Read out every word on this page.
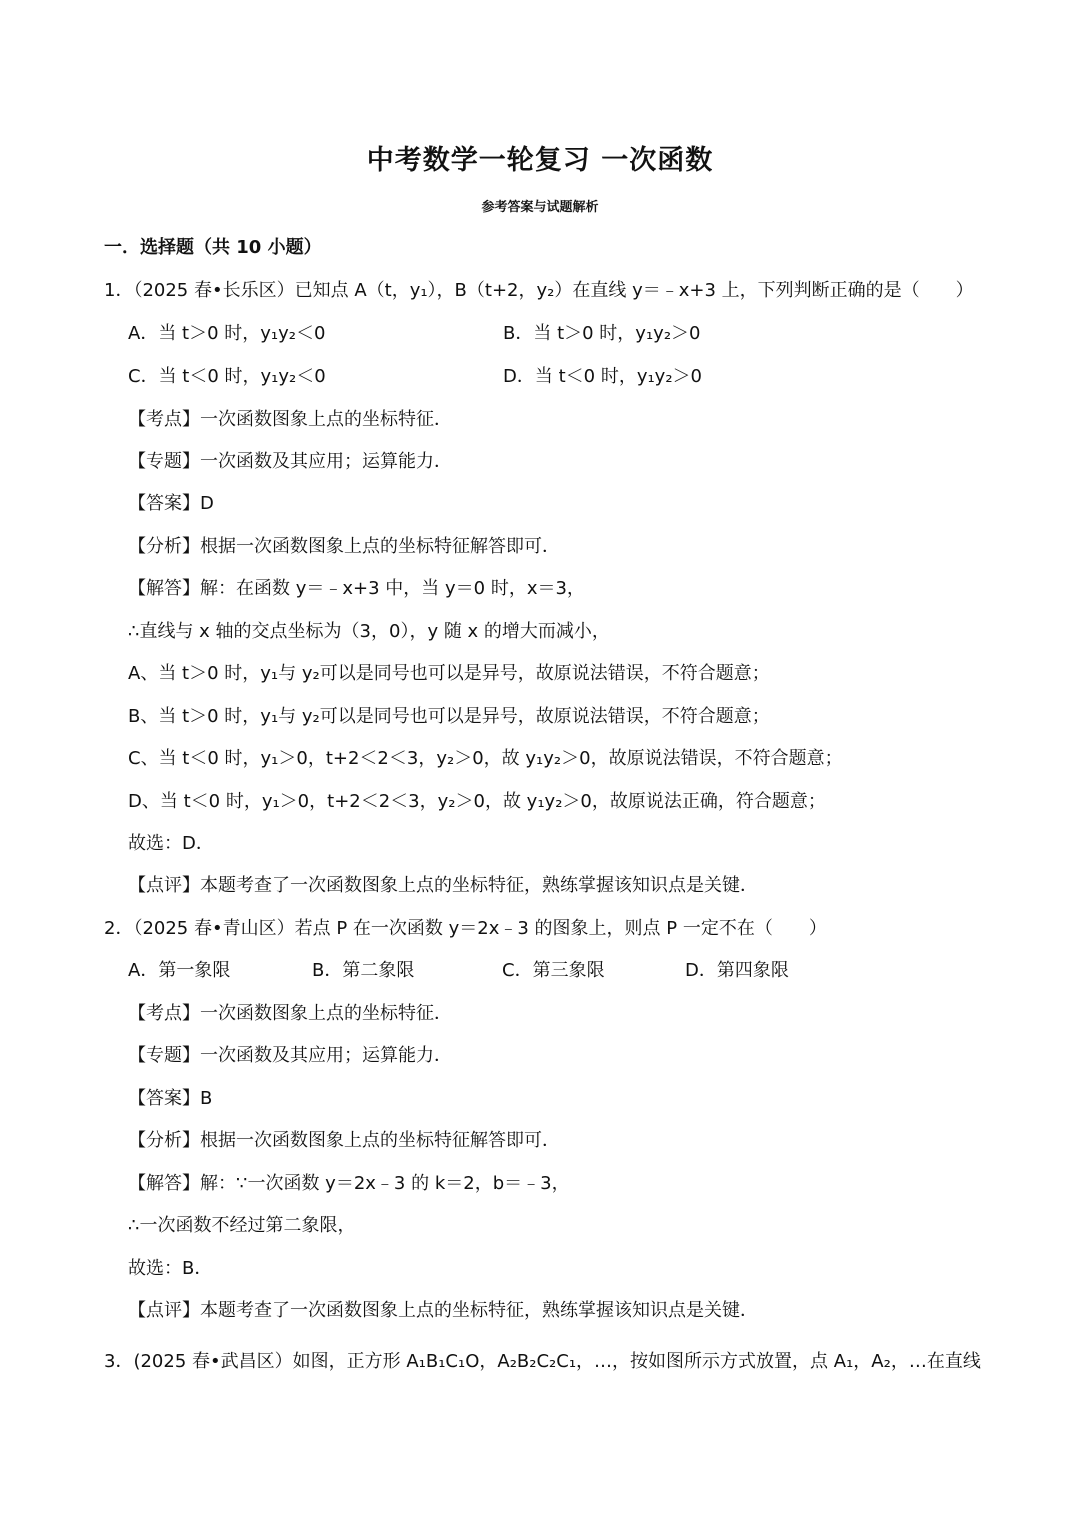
中考数学一轮复习 一次函数
参考答案与试题解析
一．选择题（共 10 小题）
1．（2025 春•长乐区）已知点 A（t，y₁），B（t+2，y₂）在直线 y＝﹣x+3 上，下列判断正确的是（　　）
A．当 t＞0 时，y₁y₂＜0	B．当 t＞0 时，y₁y₂＞0
C．当 t＜0 时，y₁y₂＜0	D．当 t＜0 时，y₁y₂＞0
【考点】一次函数图象上点的坐标特征．
【专题】一次函数及其应用；运算能力．
【答案】D
【分析】根据一次函数图象上点的坐标特征解答即可．
【解答】解：在函数 y＝﹣x+3 中，当 y＝0 时，x＝3，
∴直线与 x 轴的交点坐标为（3，0），y 随 x 的增大而减小，
A、当 t＞0 时，y₁与 y₂可以是同号也可以是异号，故原说法错误，不符合题意；
B、当 t＞0 时，y₁与 y₂可以是同号也可以是异号，故原说法错误，不符合题意；
C、当 t＜0 时，y₁＞0，t+2＜2＜3，y₂＞0，故 y₁y₂＞0，故原说法错误，不符合题意；
D、当 t＜0 时，y₁＞0，t+2＜2＜3，y₂＞0，故 y₁y₂＞0，故原说法正确，符合题意；
故选：D．
【点评】本题考查了一次函数图象上点的坐标特征，熟练掌握该知识点是关键．
2．（2025 春•青山区）若点 P 在一次函数 y＝2x﹣3 的图象上，则点 P 一定不在（　　）
A．第一象限	B．第二象限	C．第三象限	D．第四象限
【考点】一次函数图象上点的坐标特征．
【专题】一次函数及其应用；运算能力．
【答案】B
【分析】根据一次函数图象上点的坐标特征解答即可．
【解答】解：∵一次函数 y＝2x﹣3 的 k＝2，b＝﹣3，
∴一次函数不经过第二象限，
故选：B．
【点评】本题考查了一次函数图象上点的坐标特征，熟练掌握该知识点是关键．
3．(2025 春•武昌区）如图，正方形 A₁B₁C₁O，A₂B₂C₂C₁，…，按如图所示方式放置，点 A₁，A₂，…在直线
